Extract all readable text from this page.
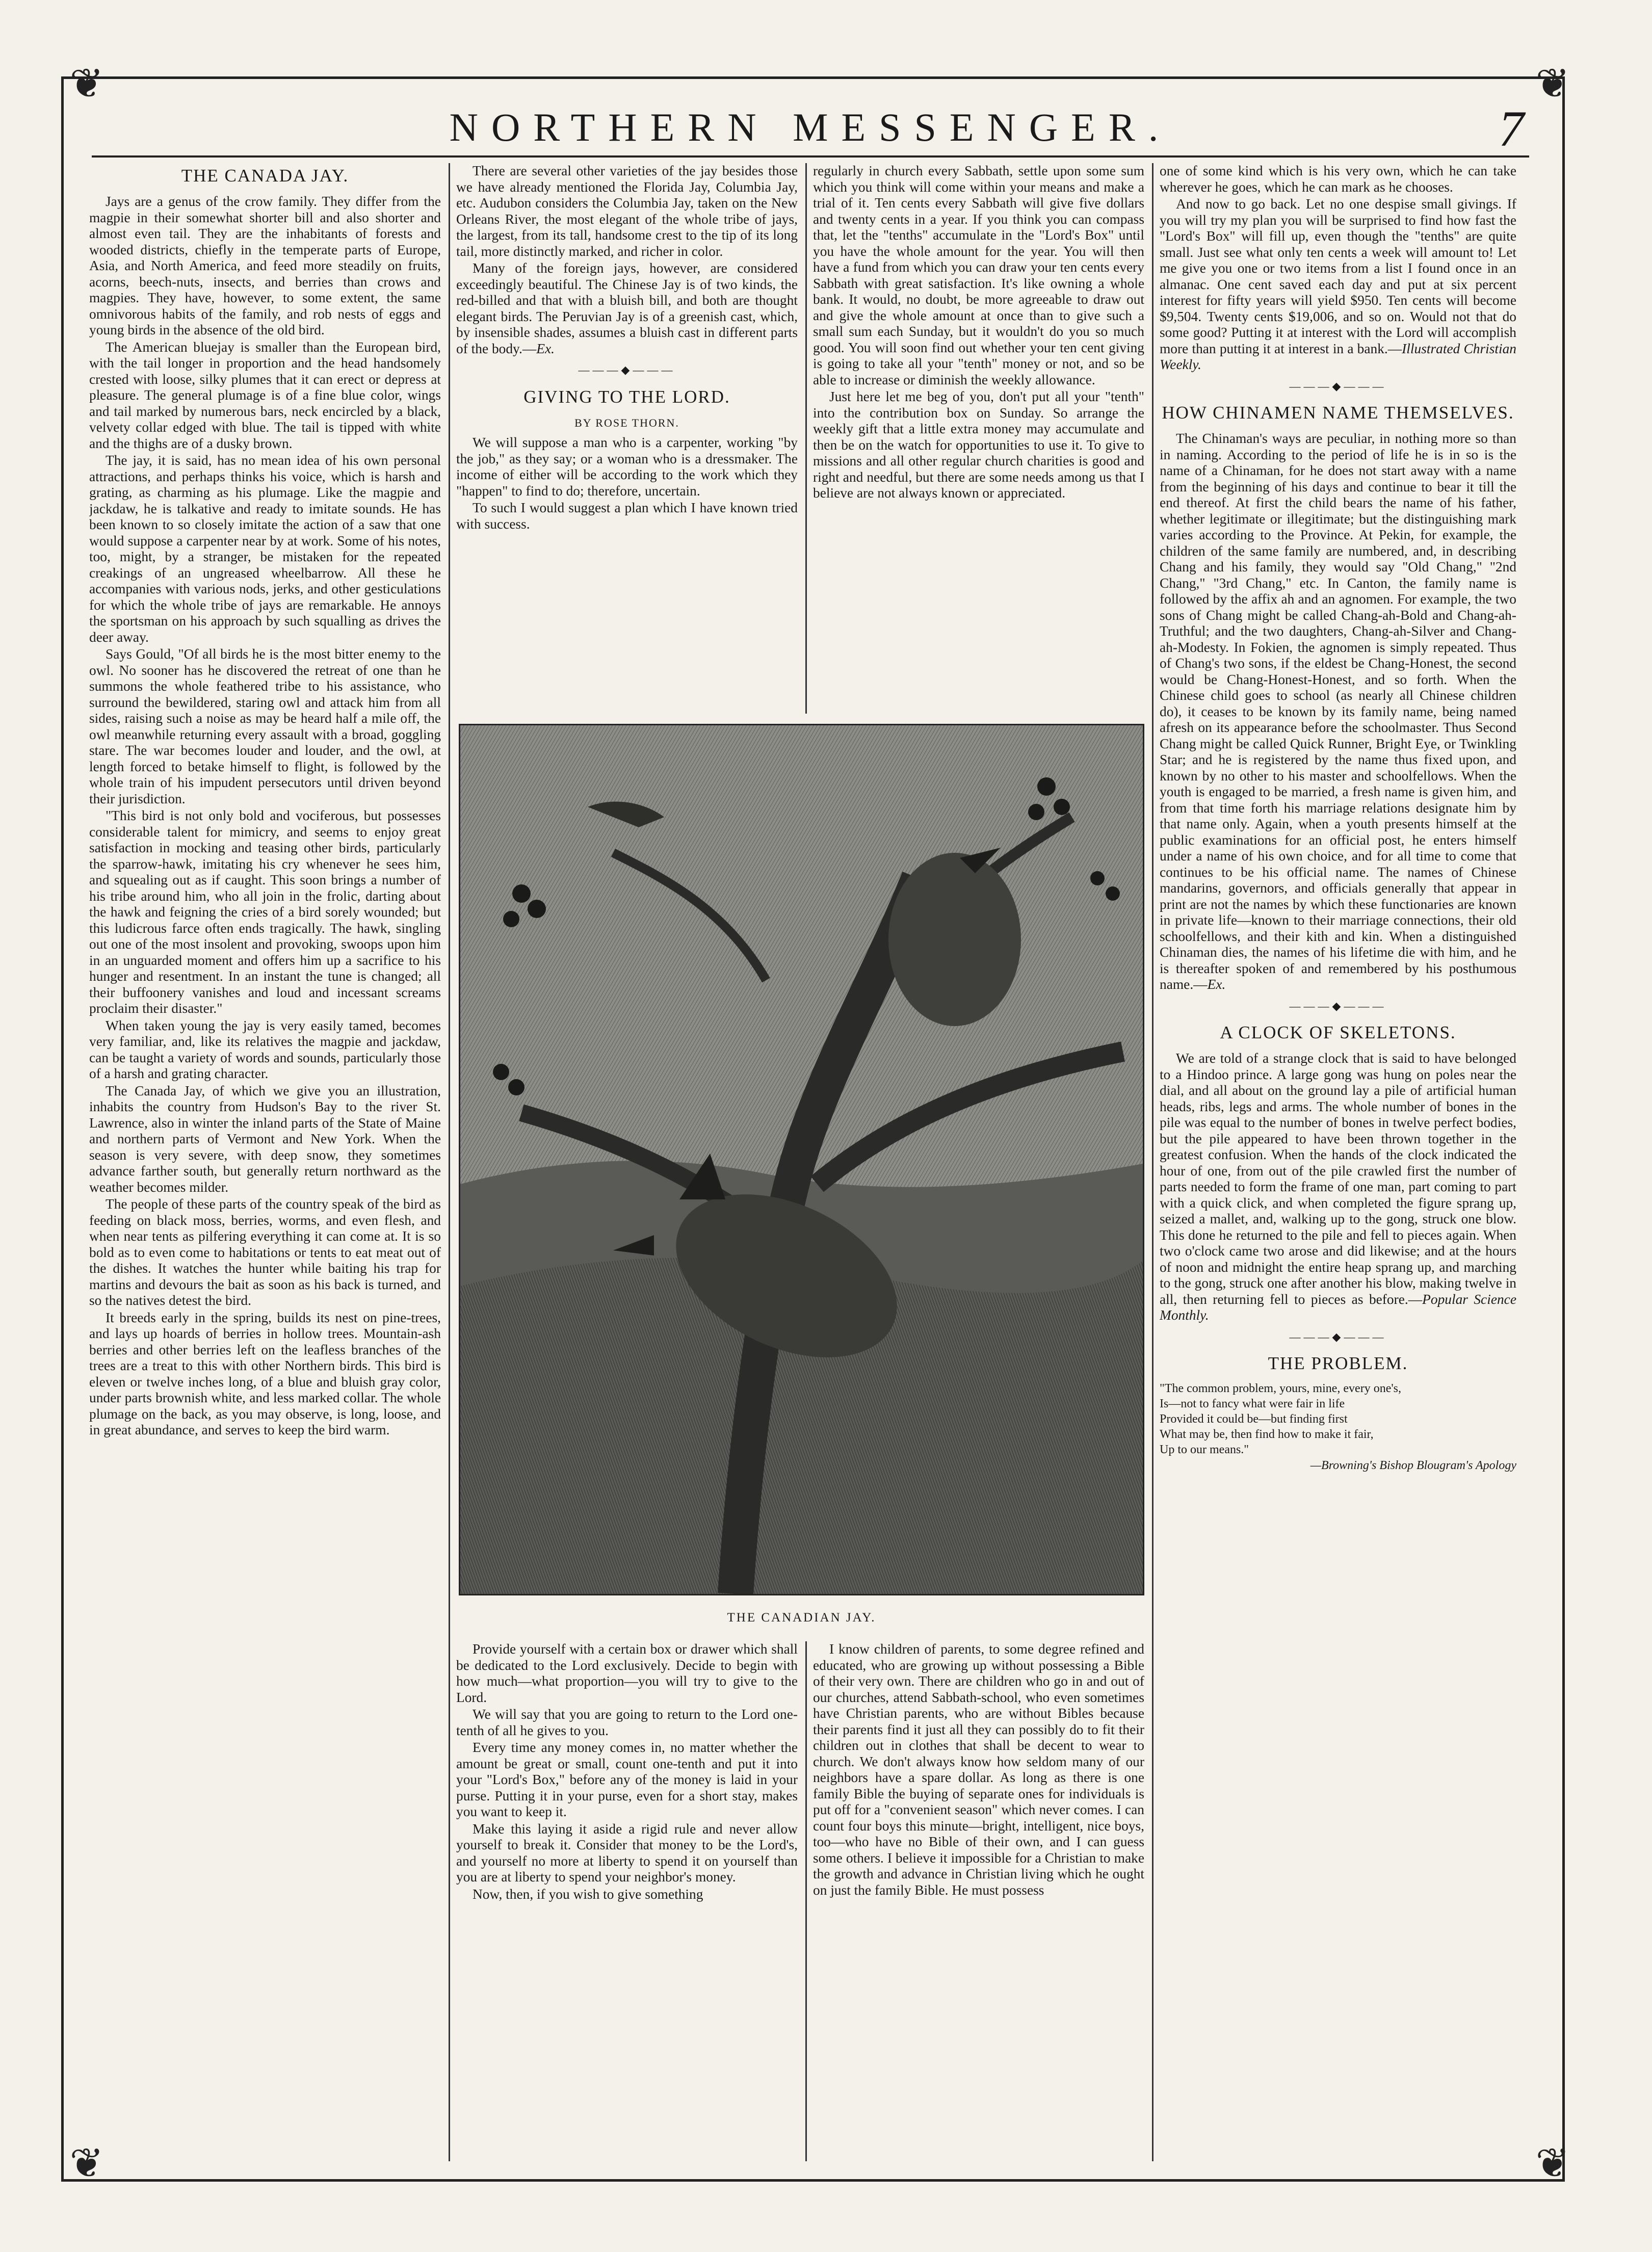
❦	❦
❦	❦
NORTHERN MESSENGER.	7
THE CANADA JAY.

Jays are a genus of the crow family. They differ from the magpie in their somewhat shorter bill and also shorter and almost even tail. They are the inhabitants of forests and wooded districts, chiefly in the temperate parts of Europe, Asia, and North America, and feed more steadily on fruits, acorns, beech-nuts, insects, and berries than crows and magpies. They have, however, to some extent, the same omnivorous habits of the family, and rob nests of eggs and young birds in the absence of the old bird.

The American bluejay is smaller than the European bird, with the tail longer in proportion and the head handsomely crested with loose, silky plumes that it can erect or depress at pleasure. The general plumage is of a fine blue color, wings and tail marked by numerous bars, neck encircled by a black, velvety collar edged with blue. The tail is tipped with white and the thighs are of a dusky brown.

The jay, it is said, has no mean idea of his own personal attractions, and perhaps thinks his voice, which is harsh and grating, as charming as his plumage. Like the magpie and jackdaw, he is talkative and ready to imitate sounds. He has been known to so closely imitate the action of a saw that one would suppose a carpenter near by at work. Some of his notes, too, might, by a stranger, be mistaken for the repeated creakings of an ungreased wheelbarrow. All these he accompanies with various nods, jerks, and other gesticulations for which the whole tribe of jays are remarkable. He annoys the sportsman on his approach by such squalling as drives the deer away.

Says Gould, "Of all birds he is the most bitter enemy to the owl. No sooner has he discovered the retreat of one than he summons the whole feathered tribe to his assistance, who surround the bewildered, staring owl and attack him from all sides, raising such a noise as may be heard half a mile off, the owl meanwhile returning every assault with a broad, goggling stare. The war becomes louder and louder, and the owl, at length forced to betake himself to flight, is followed by the whole train of his impudent persecutors until driven beyond their jurisdiction.

"This bird is not only bold and vociferous, but possesses considerable talent for mimicry, and seems to enjoy great satisfaction in mocking and teasing other birds, particularly the sparrow-hawk, imitating his cry whenever he sees him, and squealing out as if caught. This soon brings a number of his tribe around him, who all join in the frolic, darting about the hawk and feigning the cries of a bird sorely wounded; but this ludicrous farce often ends tragically. The hawk, singling out one of the most insolent and provoking, swoops upon him in an unguarded moment and offers him up a sacrifice to his hunger and resentment. In an instant the tune is changed; all their buffoonery vanishes and loud and incessant screams proclaim their disaster."

When taken young the jay is very easily tamed, becomes very familiar, and, like its relatives the magpie and jackdaw, can be taught a variety of words and sounds, particularly those of a harsh and grating character.

The Canada Jay, of which we give you an illustration, inhabits the country from Hudson's Bay to the river St. Lawrence, also in winter the inland parts of the State of Maine and northern parts of Vermont and New York. When the season is very severe, with deep snow, they sometimes advance farther south, but generally return northward as the weather becomes milder.

The people of these parts of the country speak of the bird as feeding on black moss, berries, worms, and even flesh, and when near tents as pilfering everything it can come at. It is so bold as to even come to habitations or tents to eat meat out of the dishes. It watches the hunter while baiting his trap for martins and devours the bait as soon as his back is turned, and so the natives detest the bird.

It breeds early in the spring, builds its nest on pine-trees, and lays up hoards of berries in hollow trees. Mountain-ash berries and other berries left on the leafless branches of the trees are a treat to this with other Northern birds. This bird is eleven or twelve inches long, of a blue and bluish gray color, under parts brownish white, and less marked collar. The whole plumage on the back, as you may observe, is long, loose, and in great abundance, and serves to keep the bird warm.

There are several other varieties of the jay besides those we have already mentioned the Florida Jay, Columbia Jay, etc. Audubon considers the Columbia Jay, taken on the New Orleans River, the most elegant of the whole tribe of jays, the largest, from its tall, handsome crest to the tip of its long tail, more distinctly marked, and richer in color.

Many of the foreign jays, however, are considered exceedingly beautiful. The Chinese Jay is of two kinds, the red-billed and that with a bluish bill, and both are thought elegant birds. The Peruvian Jay is of a greenish cast, which, by insensible shades, assumes a bluish cast in different parts of the body.—Ex.

———◆———
GIVING TO THE LORD.
BY ROSE THORN.

We will suppose a man who is a carpenter, working "by the job," as they say; or a woman who is a dressmaker. The income of either will be according to the work which they "happen" to find to do; therefore, uncertain.

To such I would suggest a plan which I have known tried with success.

regularly in church every Sabbath, settle upon some sum which you think will come within your means and make a trial of it. Ten cents every Sabbath will give five dollars and twenty cents in a year. If you think you can compass that, let the "tenths" accumulate in the "Lord's Box" until you have the whole amount for the year. You will then have a fund from which you can draw your ten cents every Sabbath with great satisfaction. It's like owning a whole bank. It would, no doubt, be more agreeable to draw out and give the whole amount at once than to give such a small sum each Sunday, but it wouldn't do you so much good. You will soon find out whether your ten cent giving is going to take all your "tenth" money or not, and so be able to increase or diminish the weekly allowance.

Just here let me beg of you, don't put all your "tenth" into the contribution box on Sunday. So arrange the weekly gift that a little extra money may accumulate and then be on the watch for opportunities to use it. To give to missions and all other regular church charities is good and right and needful, but there are some needs among us that I believe are not always known or appreciated.

THE CANADIAN JAY.

Provide yourself with a certain box or drawer which shall be dedicated to the Lord exclusively. Decide to begin with how much—what proportion—you will try to give to the Lord.

We will say that you are going to return to the Lord one-tenth of all he gives to you.

Every time any money comes in, no matter whether the amount be great or small, count one-tenth and put it into your "Lord's Box," before any of the money is laid in your purse. Putting it in your purse, even for a short stay, makes you want to keep it.

Make this laying it aside a rigid rule and never allow yourself to break it. Consider that money to be the Lord's, and yourself no more at liberty to spend it on yourself than you are at liberty to spend your neighbor's money.

Now, then, if you wish to give something

I know children of parents, to some degree refined and educated, who are growing up without possessing a Bible of their very own. There are children who go in and out of our churches, attend Sabbath-school, who even sometimes have Christian parents, who are without Bibles because their parents find it just all they can possibly do to fit their children out in clothes that shall be decent to wear to church. We don't always know how seldom many of our neighbors have a spare dollar. As long as there is one family Bible the buying of separate ones for individuals is put off for a "convenient season" which never comes. I can count four boys this minute—bright, intelligent, nice boys, too—who have no Bible of their own, and I can guess some others. I believe it impossible for a Christian to make the growth and advance in Christian living which he ought on just the family Bible. He must possess

one of some kind which is his very own, which he can take wherever he goes, which he can mark as he chooses.

And now to go back. Let no one despise small givings. If you will try my plan you will be surprised to find how fast the "Lord's Box" will fill up, even though the "tenths" are quite small. Just see what only ten cents a week will amount to! Let me give you one or two items from a list I found once in an almanac. One cent saved each day and put at six percent interest for fifty years will yield $950. Ten cents will become $9,504. Twenty cents $19,006, and so on. Would not that do some good? Putting it at interest with the Lord will accomplish more than putting it at interest in a bank.—Illustrated Christian Weekly.

———◆———
HOW CHINAMEN NAME THEMSELVES.

The Chinaman's ways are peculiar, in nothing more so than in naming. According to the period of life he is in so is the name of a Chinaman, for he does not start away with a name from the beginning of his days and continue to bear it till the end thereof. At first the child bears the name of his father, whether legitimate or illegitimate; but the distinguishing mark varies according to the Province. At Pekin, for example, the children of the same family are numbered, and, in describing Chang and his family, they would say "Old Chang," "2nd Chang," "3rd Chang," etc. In Canton, the family name is followed by the affix ah and an agnomen. For example, the two sons of Chang might be called Chang-ah-Bold and Chang-ah-Truthful; and the two daughters, Chang-ah-Silver and Chang-ah-Modesty. In Fokien, the agnomen is simply repeated. Thus of Chang's two sons, if the eldest be Chang-Honest, the second would be Chang-Honest-Honest, and so forth. When the Chinese child goes to school (as nearly all Chinese children do), it ceases to be known by its family name, being named afresh on its appearance before the schoolmaster. Thus Second Chang might be called Quick Runner, Bright Eye, or Twinkling Star; and he is registered by the name thus fixed upon, and known by no other to his master and schoolfellows. When the youth is engaged to be married, a fresh name is given him, and from that time forth his marriage relations designate him by that name only. Again, when a youth presents himself at the public examinations for an official post, he enters himself under a name of his own choice, and for all time to come that continues to be his official name. The names of Chinese mandarins, governors, and officials generally that appear in print are not the names by which these functionaries are known in private life—known to their marriage connections, their old schoolfellows, and their kith and kin. When a distinguished Chinaman dies, the names of his lifetime die with him, and he is thereafter spoken of and remembered by his posthumous name.—Ex.

———◆———
A CLOCK OF SKELETONS.

We are told of a strange clock that is said to have belonged to a Hindoo prince. A large gong was hung on poles near the dial, and all about on the ground lay a pile of artificial human heads, ribs, legs and arms. The whole number of bones in the pile was equal to the number of bones in twelve perfect bodies, but the pile appeared to have been thrown together in the greatest confusion. When the hands of the clock indicated the hour of one, from out of the pile crawled first the number of parts needed to form the frame of one man, part coming to part with a quick click, and when completed the figure sprang up, seized a mallet, and, walking up to the gong, struck one blow. This done he returned to the pile and fell to pieces again. When two o'clock came two arose and did likewise; and at the hours of noon and midnight the entire heap sprang up, and marching to the gong, struck one after another his blow, making twelve in all, then returning fell to pieces as before.—Popular Science Monthly.

———◆———
THE PROBLEM.

"The common problem, yours, mine, every one's,

Is—not to fancy what were fair in life

Provided it could be—but finding first

What may be, then find how to make it fair,

Up to our means."

—Browning's Bishop Blougram's Apology
